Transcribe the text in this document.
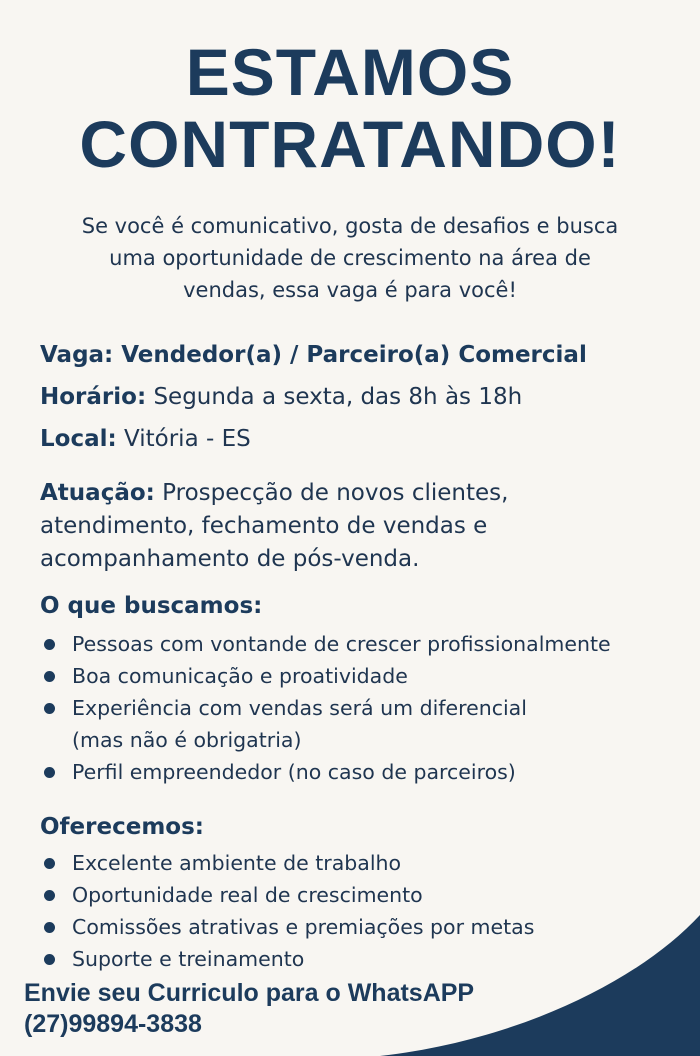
ESTAMOS
CONTRATANDO!
Se você é comunicativo, gosta de desafios e busca
uma oportunidade de crescimento na área de
vendas, essa vaga é para você!
Vaga: Vendedor(a) / Parceiro(a) Comercial
Horário: Segunda a sexta, das 8h às 18h
Local: Vitória - ES
Atuação: Prospecção de novos clientes,
atendimento, fechamento de vendas e
acompanhamento de pós-venda.
O que buscamos:
Pessoas com vontande de crescer profissionalmente
Boa comunicação e proatividade
Experiência com vendas será um diferencial
(mas não é obrigatria)
Perfil empreendedor (no caso de parceiros)
Oferecemos:
Excelente ambiente de trabalho
Oportunidade real de crescimento
Comissões atrativas e premiações por metas
Suporte e treinamento
Envie seu Curriculo para o WhatsAPP
(27)99894-3838
